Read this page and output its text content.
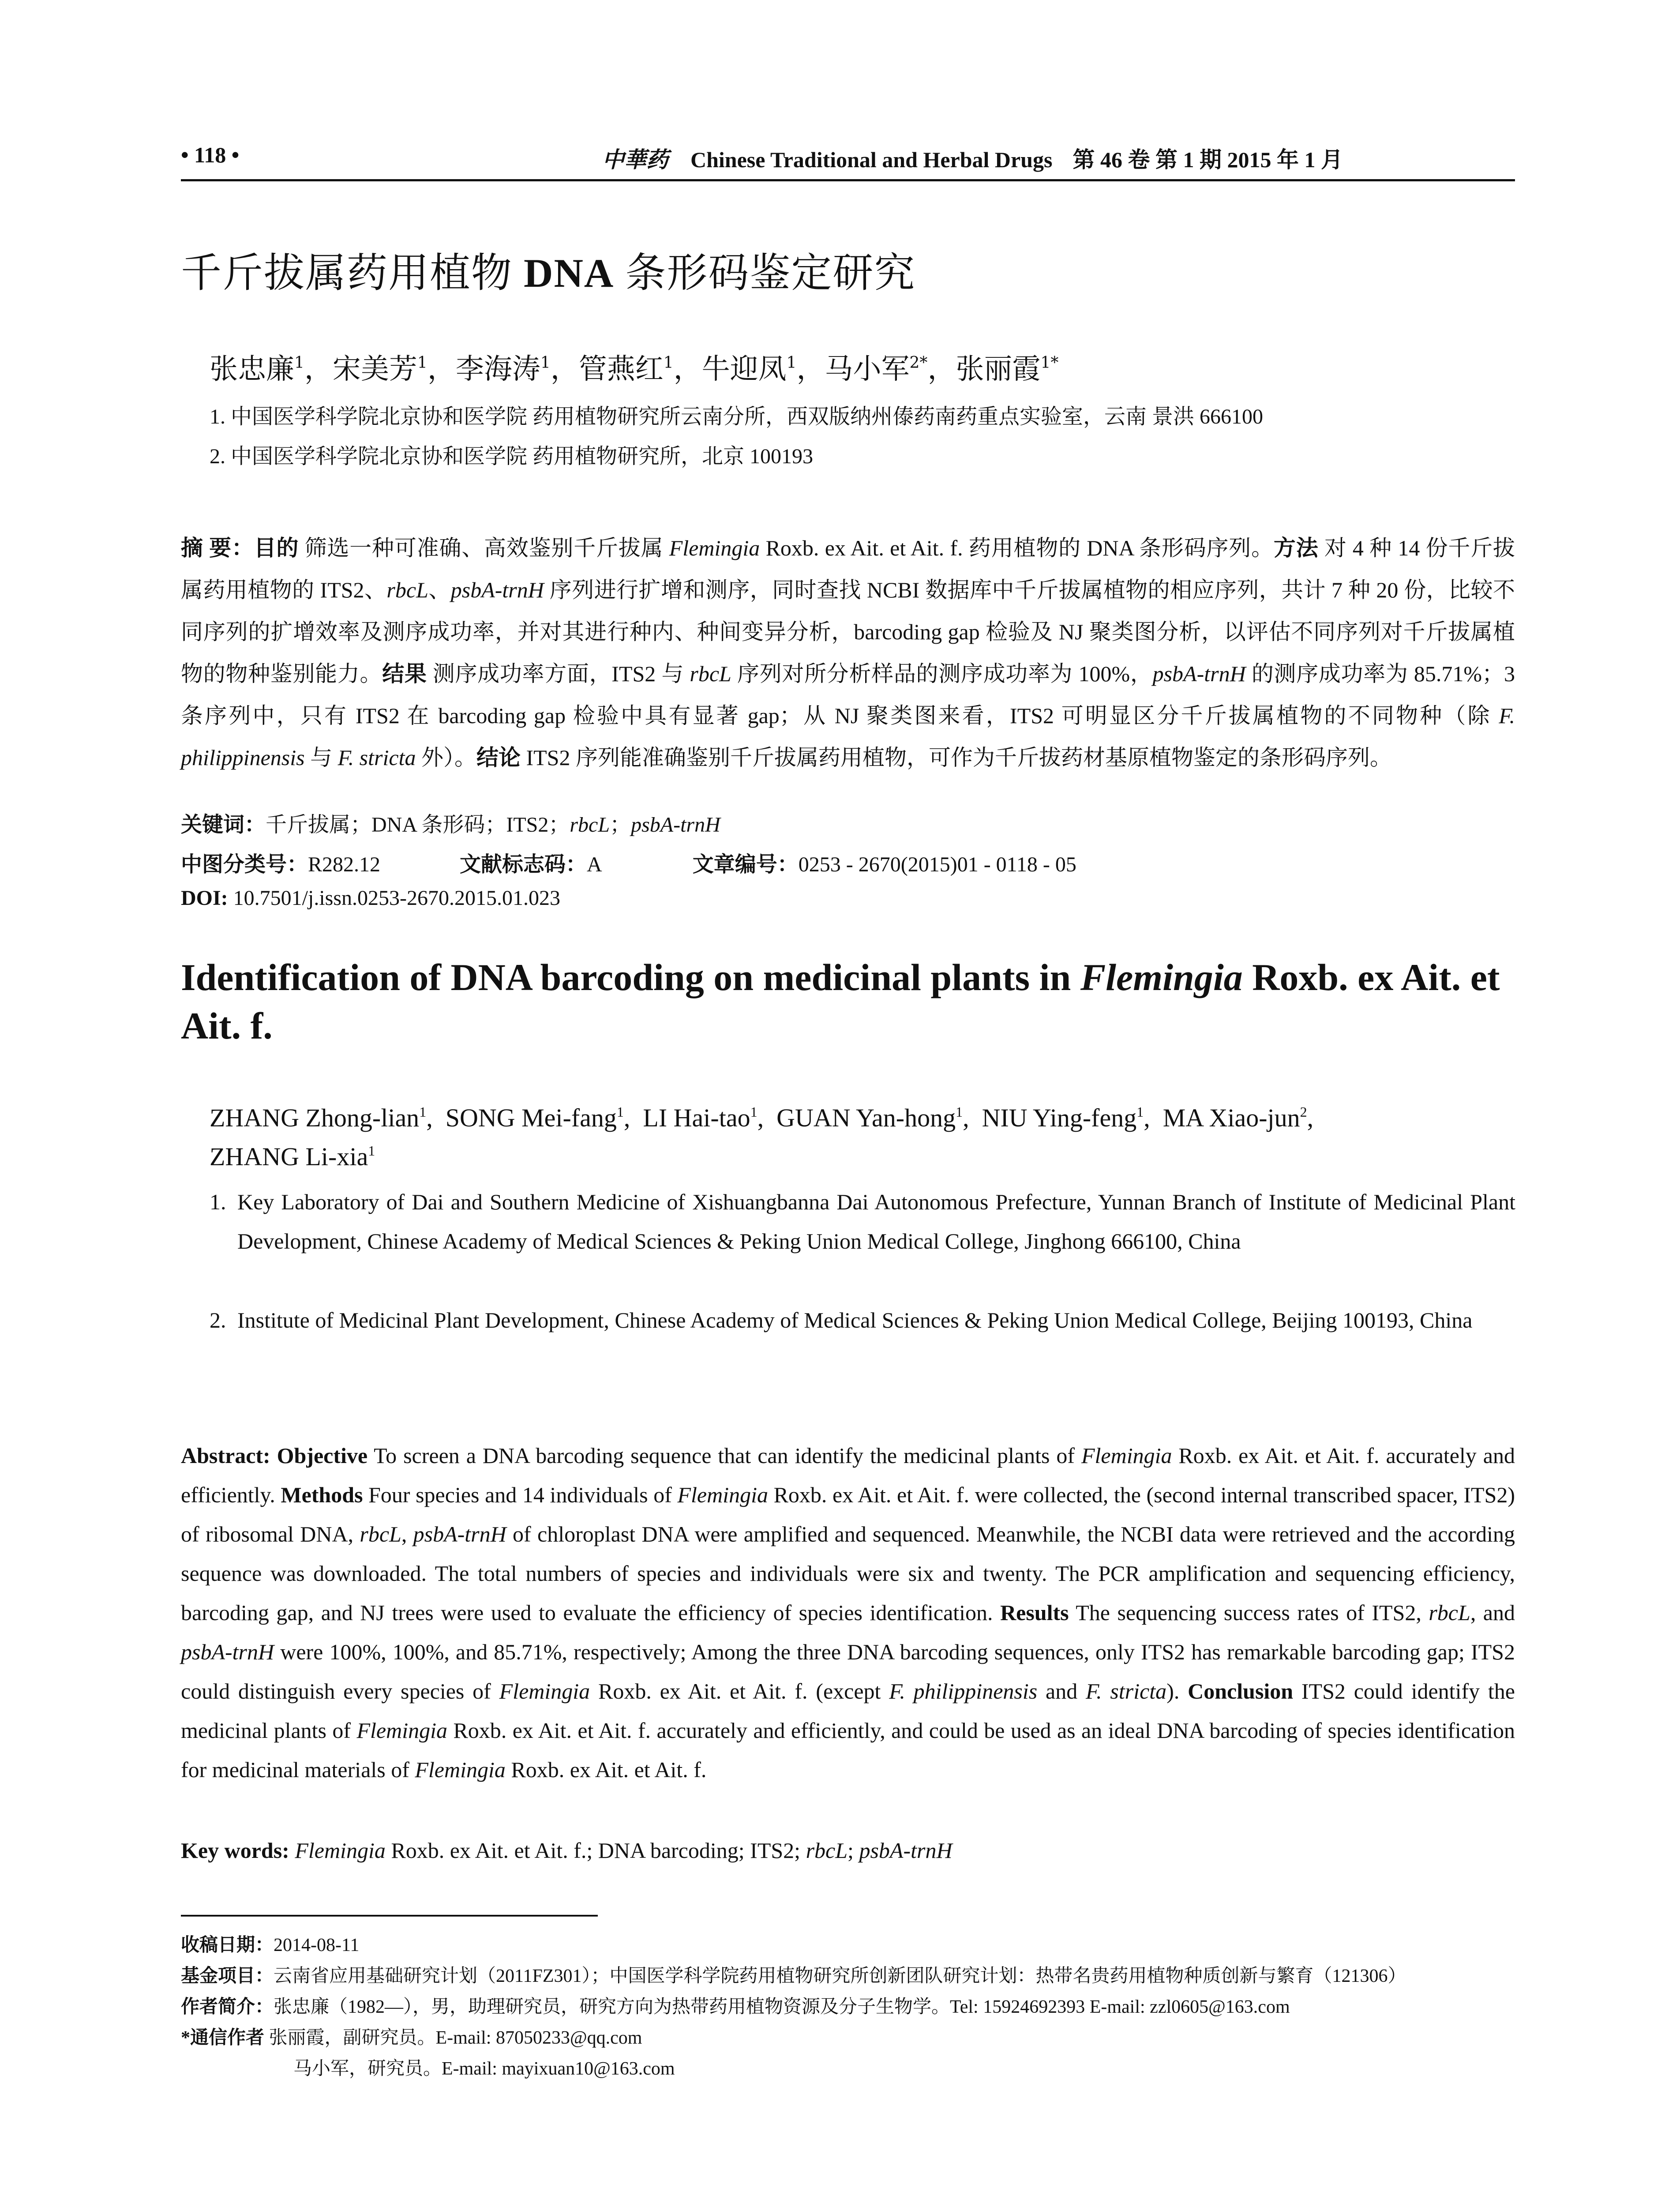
• 118 •	中華药 Chinese Traditional and Herbal Drugs 第 46 卷 第 1 期 2015 年 1 月
千斤拔属药用植物 DNA 条形码鉴定研究
张忠廉$^1$，宋美芳$^1$，李海涛$^1$，管燕红$^1$，牛迎凤$^1$，马小军$^{2*}$，张丽霞$^{1*}$
1. 中国医学科学院北京协和医学院 药用植物研究所云南分所，西双版纳州傣药南药重点实验室，云南 景洪 666100
2. 中国医学科学院北京协和医学院 药用植物研究所，北京 100193
摘 要：目的 筛选一种可准确、高效鉴别千斤拔属 Flemingia Roxb. ex Ait. et Ait. f. 药用植物的 DNA 条形码序列。方法 对 4 种 14 份千斤拔属药用植物的 ITS2、rbcL、psbA-trnH 序列进行扩增和测序，同时查找 NCBI 数据库中千斤拔属植物的相应序列，共计 7 种 20 份，比较不同序列的扩增效率及测序成功率，并对其进行种内、种间变异分析，barcoding gap 检验及 NJ 聚类图分析，以评估不同序列对千斤拔属植物的物种鉴别能力。结果 测序成功率方面，ITS2 与 rbcL 序列对所分析样品的测序成功率为 100%，psbA-trnH 的测序成功率为 85.71%；3 条序列中，只有 ITS2 在 barcoding gap 检验中具有显著 gap；从 NJ 聚类图来看，ITS2 可明显区分千斤拔属植物的不同物种（除 F. philippinensis 与 F. stricta 外）。结论 ITS2 序列能准确鉴别千斤拔属药用植物，可作为千斤拔药材基原植物鉴定的条形码序列。
关键词：千斤拔属；DNA 条形码；ITS2；rbcL；psbA-trnH
中图分类号：R282.12	文献标志码：A	文章编号：0253 - 2670(2015)01 - 0118 - 05
DOI: 10.7501/j.issn.0253-2670.2015.01.023
Identification of DNA barcoding on medicinal plants in Flemingia Roxb. ex Ait. et Ait. f.
ZHANG Zhong-lian$^1$,  SONG Mei-fang$^1$,  LI Hai-tao$^1$,  GUAN Yan-hong$^1$,  NIU Ying-feng$^1$,  MA Xiao-jun$^2$,
ZHANG Li-xia$^1$
1. Key Laboratory of Dai and Southern Medicine of Xishuangbanna Dai Autonomous Prefecture, Yunnan Branch of Institute of Medicinal Plant Development, Chinese Academy of Medical Sciences & Peking Union Medical College, Jinghong 666100, China
2. Institute of Medicinal Plant Development, Chinese Academy of Medical Sciences & Peking Union Medical College, Beijing 100193, China
Abstract: Objective To screen a DNA barcoding sequence that can identify the medicinal plants of Flemingia Roxb. ex Ait. et Ait. f. accurately and efficiently. Methods Four species and 14 individuals of Flemingia Roxb. ex Ait. et Ait. f. were collected, the (second internal transcribed spacer, ITS2) of ribosomal DNA, rbcL, psbA-trnH of chloroplast DNA were amplified and sequenced. Meanwhile, the NCBI data were retrieved and the according sequence was downloaded. The total numbers of species and individuals were six and twenty. The PCR amplification and sequencing efficiency, barcoding gap, and NJ trees were used to evaluate the efficiency of species identification. Results The sequencing success rates of ITS2, rbcL, and psbA-trnH were 100%, 100%, and 85.71%, respectively; Among the three DNA barcoding sequences, only ITS2 has remarkable barcoding gap; ITS2 could distinguish every species of Flemingia Roxb. ex Ait. et Ait. f. (except F. philippinensis and F. stricta). Conclusion ITS2 could identify the medicinal plants of Flemingia Roxb. ex Ait. et Ait. f. accurately and efficiently, and could be used as an ideal DNA barcoding of species identification for medicinal materials of Flemingia Roxb. ex Ait. et Ait. f.
Key words: Flemingia Roxb. ex Ait. et Ait. f.; DNA barcoding; ITS2; rbcL; psbA-trnH
收稿日期：2014-08-11
基金项目：云南省应用基础研究计划（2011FZ301）；中国医学科学院药用植物研究所创新团队研究计划：热带名贵药用植物种质创新与繁育（121306）
作者简介：张忠廉（1982—），男，助理研究员，研究方向为热带药用植物资源及分子生物学。Tel: 15924692393 E-mail: zzl0605@163.com
*通信作者 张丽霞，副研究员。E-mail: 87050233@qq.com
马小军，研究员。E-mail: mayixuan10@163.com
